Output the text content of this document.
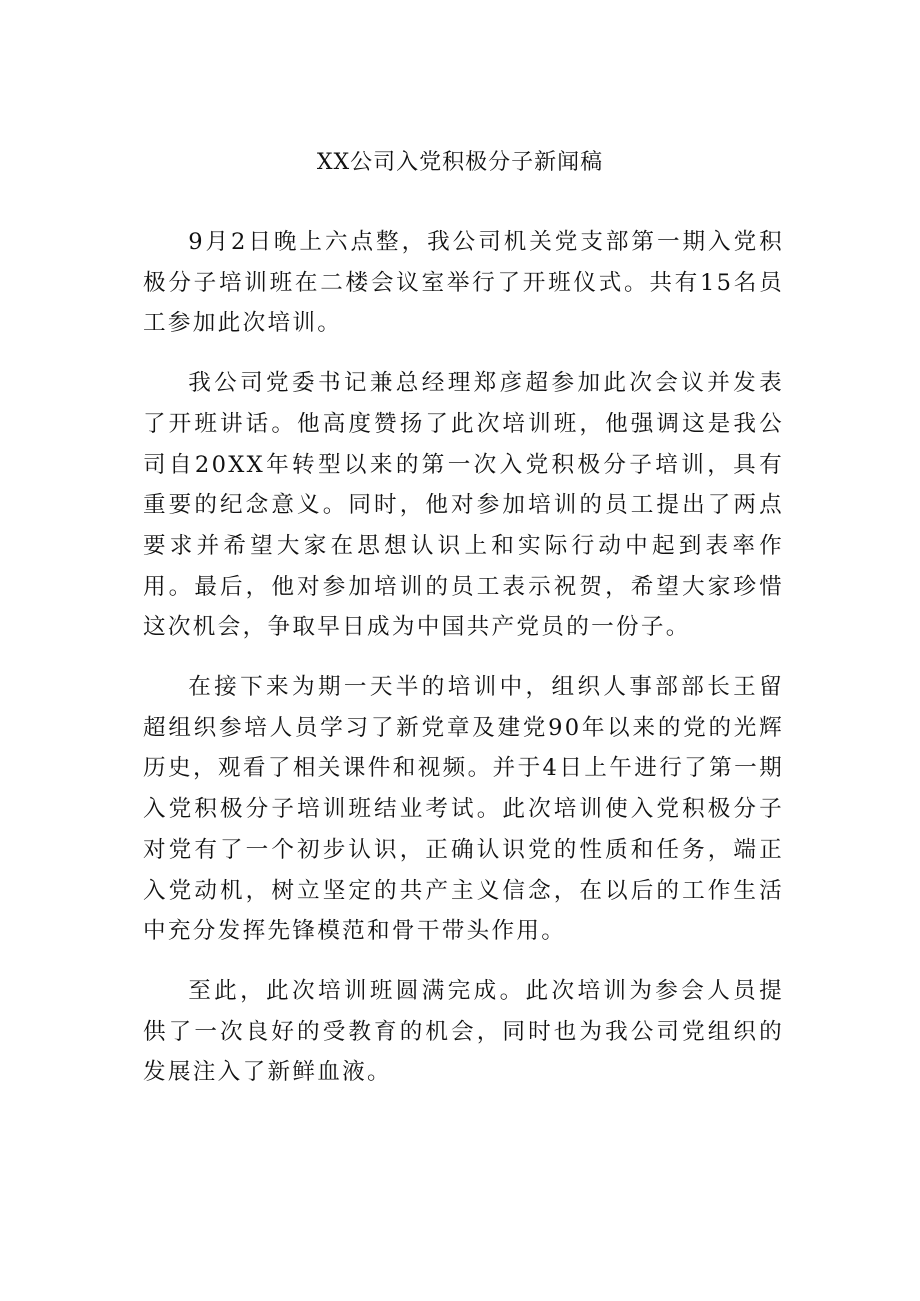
XX公司入党积极分子新闻稿

9月2日晚上六点整，我公司机关党支部第一期入党积极分子培训班在二楼会议室举行了开班仪式。共有15名员工参加此次培训。

我公司党委书记兼总经理郑彦超参加此次会议并发表了开班讲话。他高度赞扬了此次培训班，他强调这是我公司自20XX年转型以来的第一次入党积极分子培训，具有重要的纪念意义。同时，他对参加培训的员工提出了两点要求并希望大家在思想认识上和实际行动中起到表率作用。最后，他对参加培训的员工表示祝贺，希望大家珍惜这次机会，争取早日成为中国共产党员的一份子。

在接下来为期一天半的培训中，组织人事部部长王留超组织参培人员学习了新党章及建党90年以来的党的光辉历史，观看了相关课件和视频。并于4日上午进行了第一期入党积极分子培训班结业考试。此次培训使入党积极分子对党有了一个初步认识，正确认识党的性质和任务，端正入党动机，树立坚定的共产主义信念，在以后的工作生活中充分发挥先锋模范和骨干带头作用。

至此，此次培训班圆满完成。此次培训为参会人员提供了一次良好的受教育的机会，同时也为我公司党组织的发展注入了新鲜血液。
